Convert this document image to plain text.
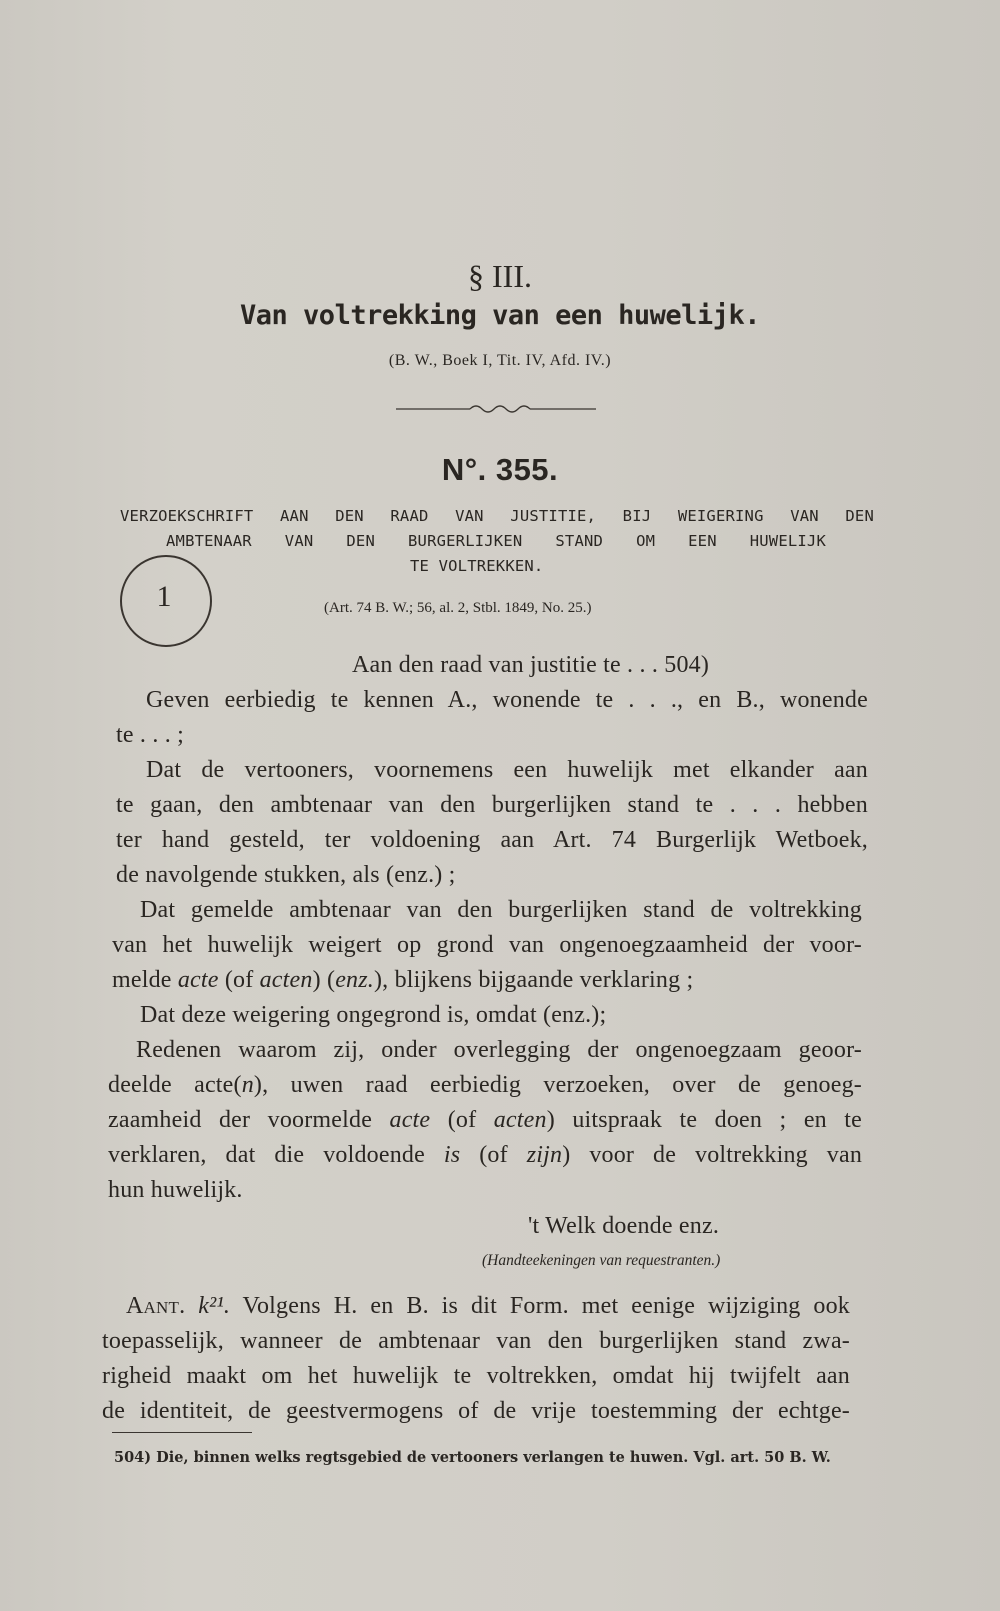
§ III.
Van voltrekking van een huwelijk.
(B. W., Boek I, Tit. IV, Afd. IV.)
N°. 355.
VERZOEKSCHRIFT AAN DEN RAAD VAN JUSTITIE, BIJ WEIGERING VAN DEN
AMBTENAAR VAN DEN BURGERLIJKEN STAND OM EEN HUWELIJK
TE VOLTREKKEN.
1	(Art. 74 B. W.; 56, al. 2, Stbl. 1849, No. 25.)
Aan den raad van justitie te . . . 504)
Geven eerbiedig te kennen A., wonende te . . ., en B., wonende
te . . . ;
Dat de vertooners, voornemens een huwelijk met elkander aan
te gaan, den ambtenaar van den burgerlijken stand te . . . hebben
ter hand gesteld, ter voldoening aan Art. 74 Burgerlijk Wetboek,
de navolgende stukken, als (enz.) ;
Dat gemelde ambtenaar van den burgerlijken stand de voltrekking
van het huwelijk weigert op grond van ongenoegzaamheid der voor-
melde acte (of acten) (enz.), blijkens bijgaande verklaring ;
Dat deze weigering ongegrond is, omdat (enz.);
Redenen waarom zij, onder overlegging der ongenoegzaam geoor-
deelde acte(n), uwen raad eerbiedig verzoeken, over de genoeg-
zaamheid der voormelde acte (of acten) uitspraak te doen ; en te
verklaren, dat die voldoende is (of zijn) voor de voltrekking van
hun huwelijk.
't Welk doende enz.
(Handteekeningen van requestranten.)
Aant. k²¹. Volgens H. en B. is dit Form. met eenige wijziging ook
toepasselijk, wanneer de ambtenaar van den burgerlijken stand zwa-
righeid maakt om het huwelijk te voltrekken, omdat hij twijfelt aan
de identiteit, de geestvermogens of de vrije toestemming der echtge-
504) Die, binnen welks regtsgebied de vertooners verlangen te huwen. Vgl. art. 50 B. W.
